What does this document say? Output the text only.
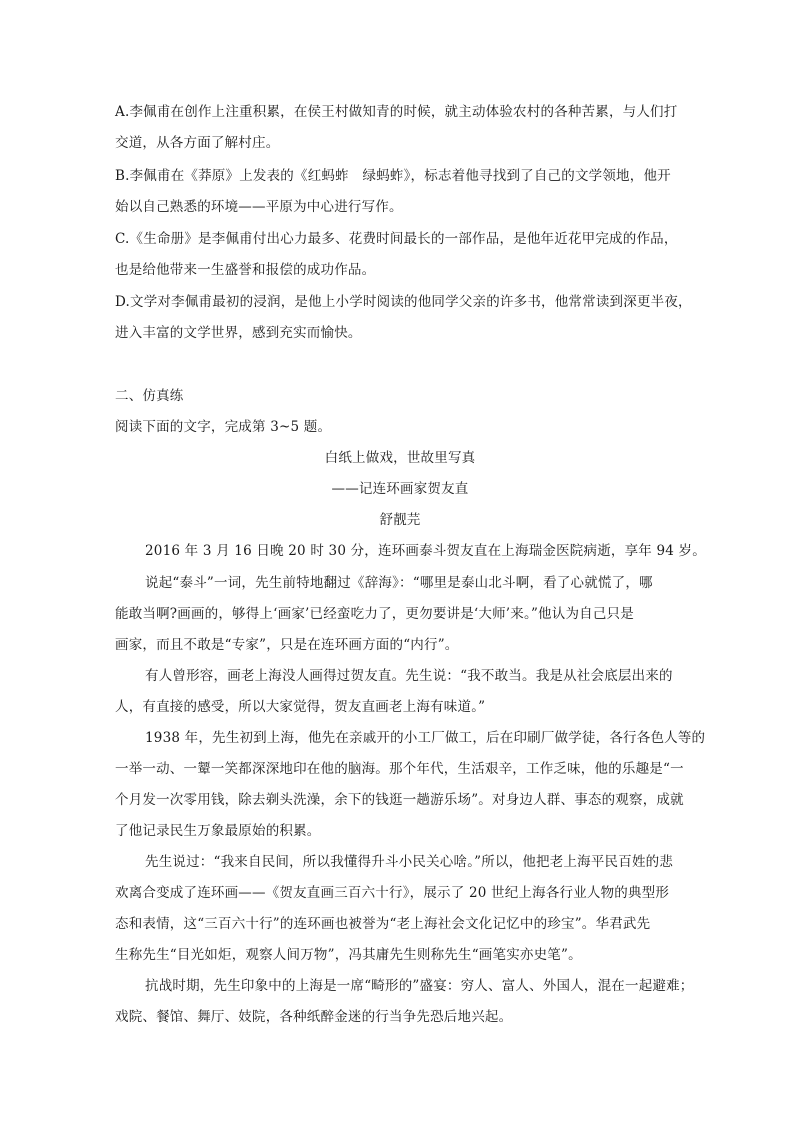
A.李佩甫在创作上注重积累，在侯王村做知青的时候，就主动体验农村的各种苦累，与人们打
交道，从各方面了解村庄。
B.李佩甫在《莽原》上发表的《红蚂蚱　绿蚂蚱》，标志着他寻找到了自己的文学领地，他开
始以自己熟悉的环境——平原为中心进行写作。
C.《生命册》是李佩甫付出心力最多、花费时间最长的一部作品，是他年近花甲完成的作品，
也是给他带来一生盛誉和报偿的成功作品。
D.文学对李佩甫最初的浸润，是他上小学时阅读的他同学父亲的许多书，他常常读到深更半夜，
进入丰富的文学世界，感到充实而愉快。
二、仿真练
阅读下面的文字，完成第 3~5 题。
白纸上做戏，世故里写真
——记连环画家贺友直
舒靓芫
2016 年 3 月 16 日晚 20 时 30 分，连环画泰斗贺友直在上海瑞金医院病逝，享年 94 岁。
说起“泰斗”一词，先生前特地翻过《辞海》：“哪里是泰山北斗啊，看了心就慌了，哪
能敢当啊?画画的，够得上‘画家’已经蛮吃力了，更勿要讲是‘大师’来。”他认为自己只是
画家，而且不敢是“专家”，只是在连环画方面的“内行”。
有人曾形容，画老上海没人画得过贺友直。先生说：“我不敢当。我是从社会底层出来的
人，有直接的感受，所以大家觉得，贺友直画老上海有味道。”
1938 年，先生初到上海，他先在亲戚开的小工厂做工，后在印刷厂做学徒，各行各色人等的
一举一动、一颦一笑都深深地印在他的脑海。那个年代，生活艰辛，工作乏味，他的乐趣是“一
个月发一次零用钱，除去剃头洗澡，余下的钱逛一趟游乐场”。对身边人群、事态的观察，成就
了他记录民生万象最原始的积累。
先生说过：“我来自民间，所以我懂得升斗小民关心啥。”所以，他把老上海平民百姓的悲
欢离合变成了连环画——《贺友直画三百六十行》，展示了 20 世纪上海各行业人物的典型形
态和表情，这“三百六十行”的连环画也被誉为“老上海社会文化记忆中的珍宝”。华君武先
生称先生“目光如炬，观察人间万物”，冯其庸先生则称先生“画笔实亦史笔”。
抗战时期，先生印象中的上海是一席“畸形的”盛宴：穷人、富人、外国人，混在一起避难；
戏院、餐馆、舞厅、妓院，各种纸醉金迷的行当争先恐后地兴起。
